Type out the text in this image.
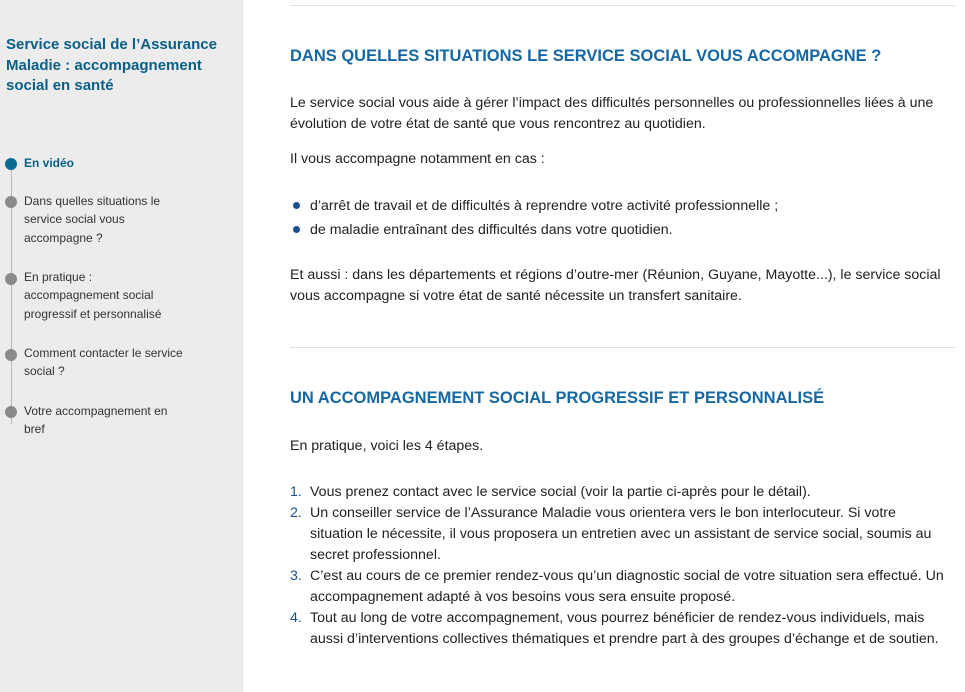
Service social de l’Assurance Maladie : accompagnement social en santé
En vidéo
Dans quelles situations le service social vous accompagne ?
En pratique : accompagnement social progressif et personnalisé
Comment contacter le service social ?
Votre accompagnement en bref
DANS QUELLES SITUATIONS LE SERVICE SOCIAL VOUS ACCOMPAGNE ?
Le service social vous aide à gérer l’impact des difficultés personnelles ou professionnelles liées à une évolution de votre état de santé que vous rencontrez au quotidien.
Il vous accompagne notamment en cas :
d’arrêt de travail et de difficultés à reprendre votre activité professionnelle ;
de maladie entraînant des difficultés dans votre quotidien.
Et aussi : dans les départements et régions d’outre-mer (Réunion, Guyane, Mayotte...), le service social vous accompagne si votre état de santé nécessite un transfert sanitaire.
UN ACCOMPAGNEMENT SOCIAL PROGRESSIF ET PERSONNALISÉ
En pratique, voici les 4 étapes.
1. Vous prenez contact avec le service social (voir la partie ci-après pour le détail).
2. Un conseiller service de l’Assurance Maladie vous orientera vers le bon interlocuteur. Si votre situation le nécessite, il vous proposera un entretien avec un assistant de service social, soumis au secret professionnel.
3. C’est au cours de ce premier rendez-vous qu’un diagnostic social de votre situation sera effectué. Un accompagnement adapté à vos besoins vous sera ensuite proposé.
4. Tout au long de votre accompagnement, vous pourrez bénéficier de rendez-vous individuels, mais aussi d’interventions collectives thématiques et prendre part à des groupes d’échange et de soutien.
